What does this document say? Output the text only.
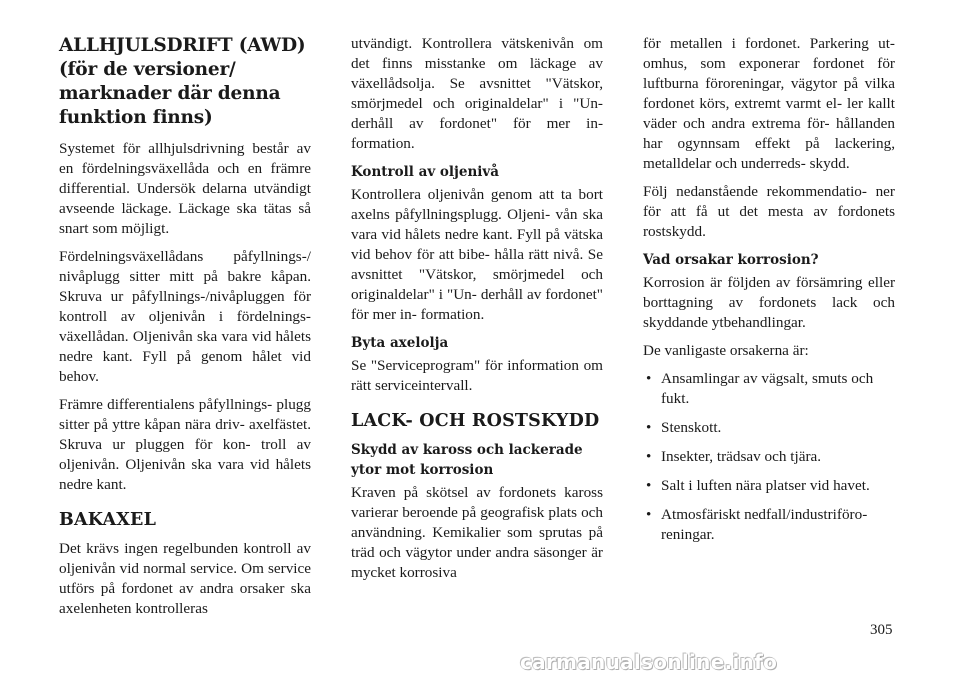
ALLHJULSDRIFT (AWD)
(för de versioner/
marknader där denna
funktion finns)

Systemet för allhjulsdrivning består av en fördelningsväxellåda och en främre differential. Undersök delarna utvändigt avseende läckage. Läckage ska tätas så snart som möjligt.

Fördelningsväxellådans påfyllnings-/ nivåplugg sitter mitt på bakre kåpan. Skruva ur påfyllnings-/nivåpluggen för kontroll av oljenivån i fördelnings- växellådan. Oljenivån ska vara vid hålets nedre kant. Fyll på genom hålet vid behov.

Främre differentialens påfyllnings- plugg sitter på yttre kåpan nära driv- axelfästet. Skruva ur pluggen för kon- troll av oljenivån. Oljenivån ska vara vid hålets nedre kant.

BAKAXEL

Det krävs ingen regelbunden kontroll av oljenivån vid normal service. Om service utförs på fordonet av andra orsaker ska axelenheten kontrolleras

utvändigt. Kontrollera vätskenivån om det finns misstanke om läckage av växellådsolja. Se avsnittet "Vätskor, smörjmedel och originaldelar" i "Un- derhåll av fordonet" för mer in- formation.

Kontroll av oljenivå

Kontrollera oljenivån genom att ta bort axelns påfyllningsplugg. Oljeni- vån ska vara vid hålets nedre kant. Fyll på vätska vid behov för att bibe- hålla rätt nivå. Se avsnittet "Vätskor, smörjmedel och originaldelar" i "Un- derhåll av fordonet" för mer in- formation.

Byta axelolja

Se "Serviceprogram" för information om rätt serviceintervall.

LACK- OCH ROSTSKYDD
Skydd av kaross och lackerade
ytor mot korrosion

Kraven på skötsel av fordonets kaross varierar beroende på geografisk plats och användning. Kemikalier som sprutas på träd och vägytor under andra säsonger är mycket korrosiva

för metallen i fordonet. Parkering ut- omhus, som exponerar fordonet för luftburna föroreningar, vägytor på vilka fordonet körs, extremt varmt el- ler kallt väder och andra extrema för- hållanden har ogynnsam effekt på lackering, metalldelar och underreds- skydd.

Följ nedanstående rekommendatio- ner för att få ut det mesta av fordonets rostskydd.

Vad orsakar korrosion?

Korrosion är följden av försämring eller borttagning av fordonets lack och skyddande ytbehandlingar.

De vanligaste orsakerna är:

• Ansamlingar av vägsalt, smuts och
fukt.
• Stenskott.
• Insekter, trädsav och tjära.
• Salt i luften nära platser vid havet.
• Atmosfäriskt nedfall/industriföro-
reningar.
305
carmanualsonline.info
